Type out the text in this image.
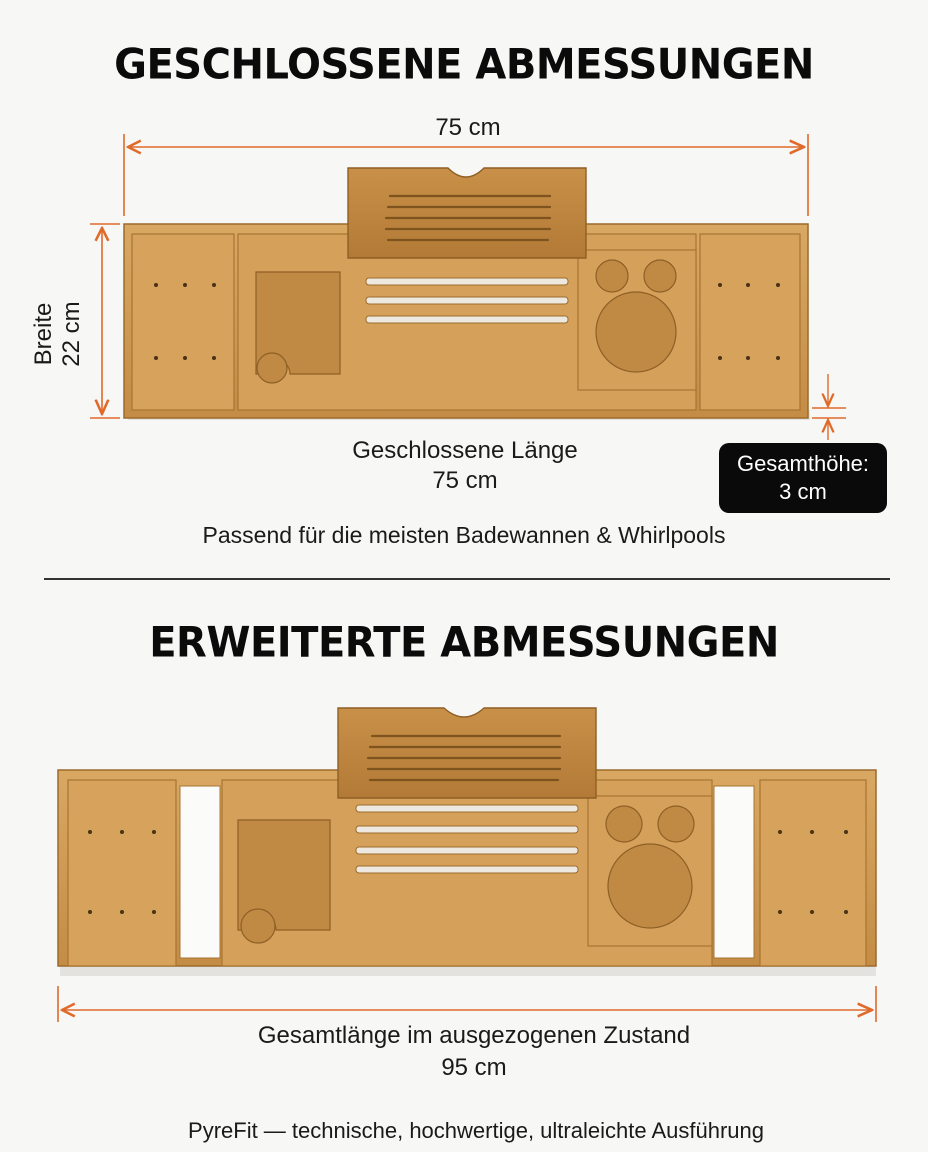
GESCHLOSSENE ABMESSUNGEN
ERWEITERTE ABMESSUNGEN
75 cm
Breite 22 cm
Geschlossene Länge
75 cm
Gesamthöhe:
3 cm
Passend für die meisten Badewannen & Whirlpools
Gesamtlänge im ausgezogenen Zustand
95 cm
PyreFit — technische, hochwertige, ultraleichte Ausführung
